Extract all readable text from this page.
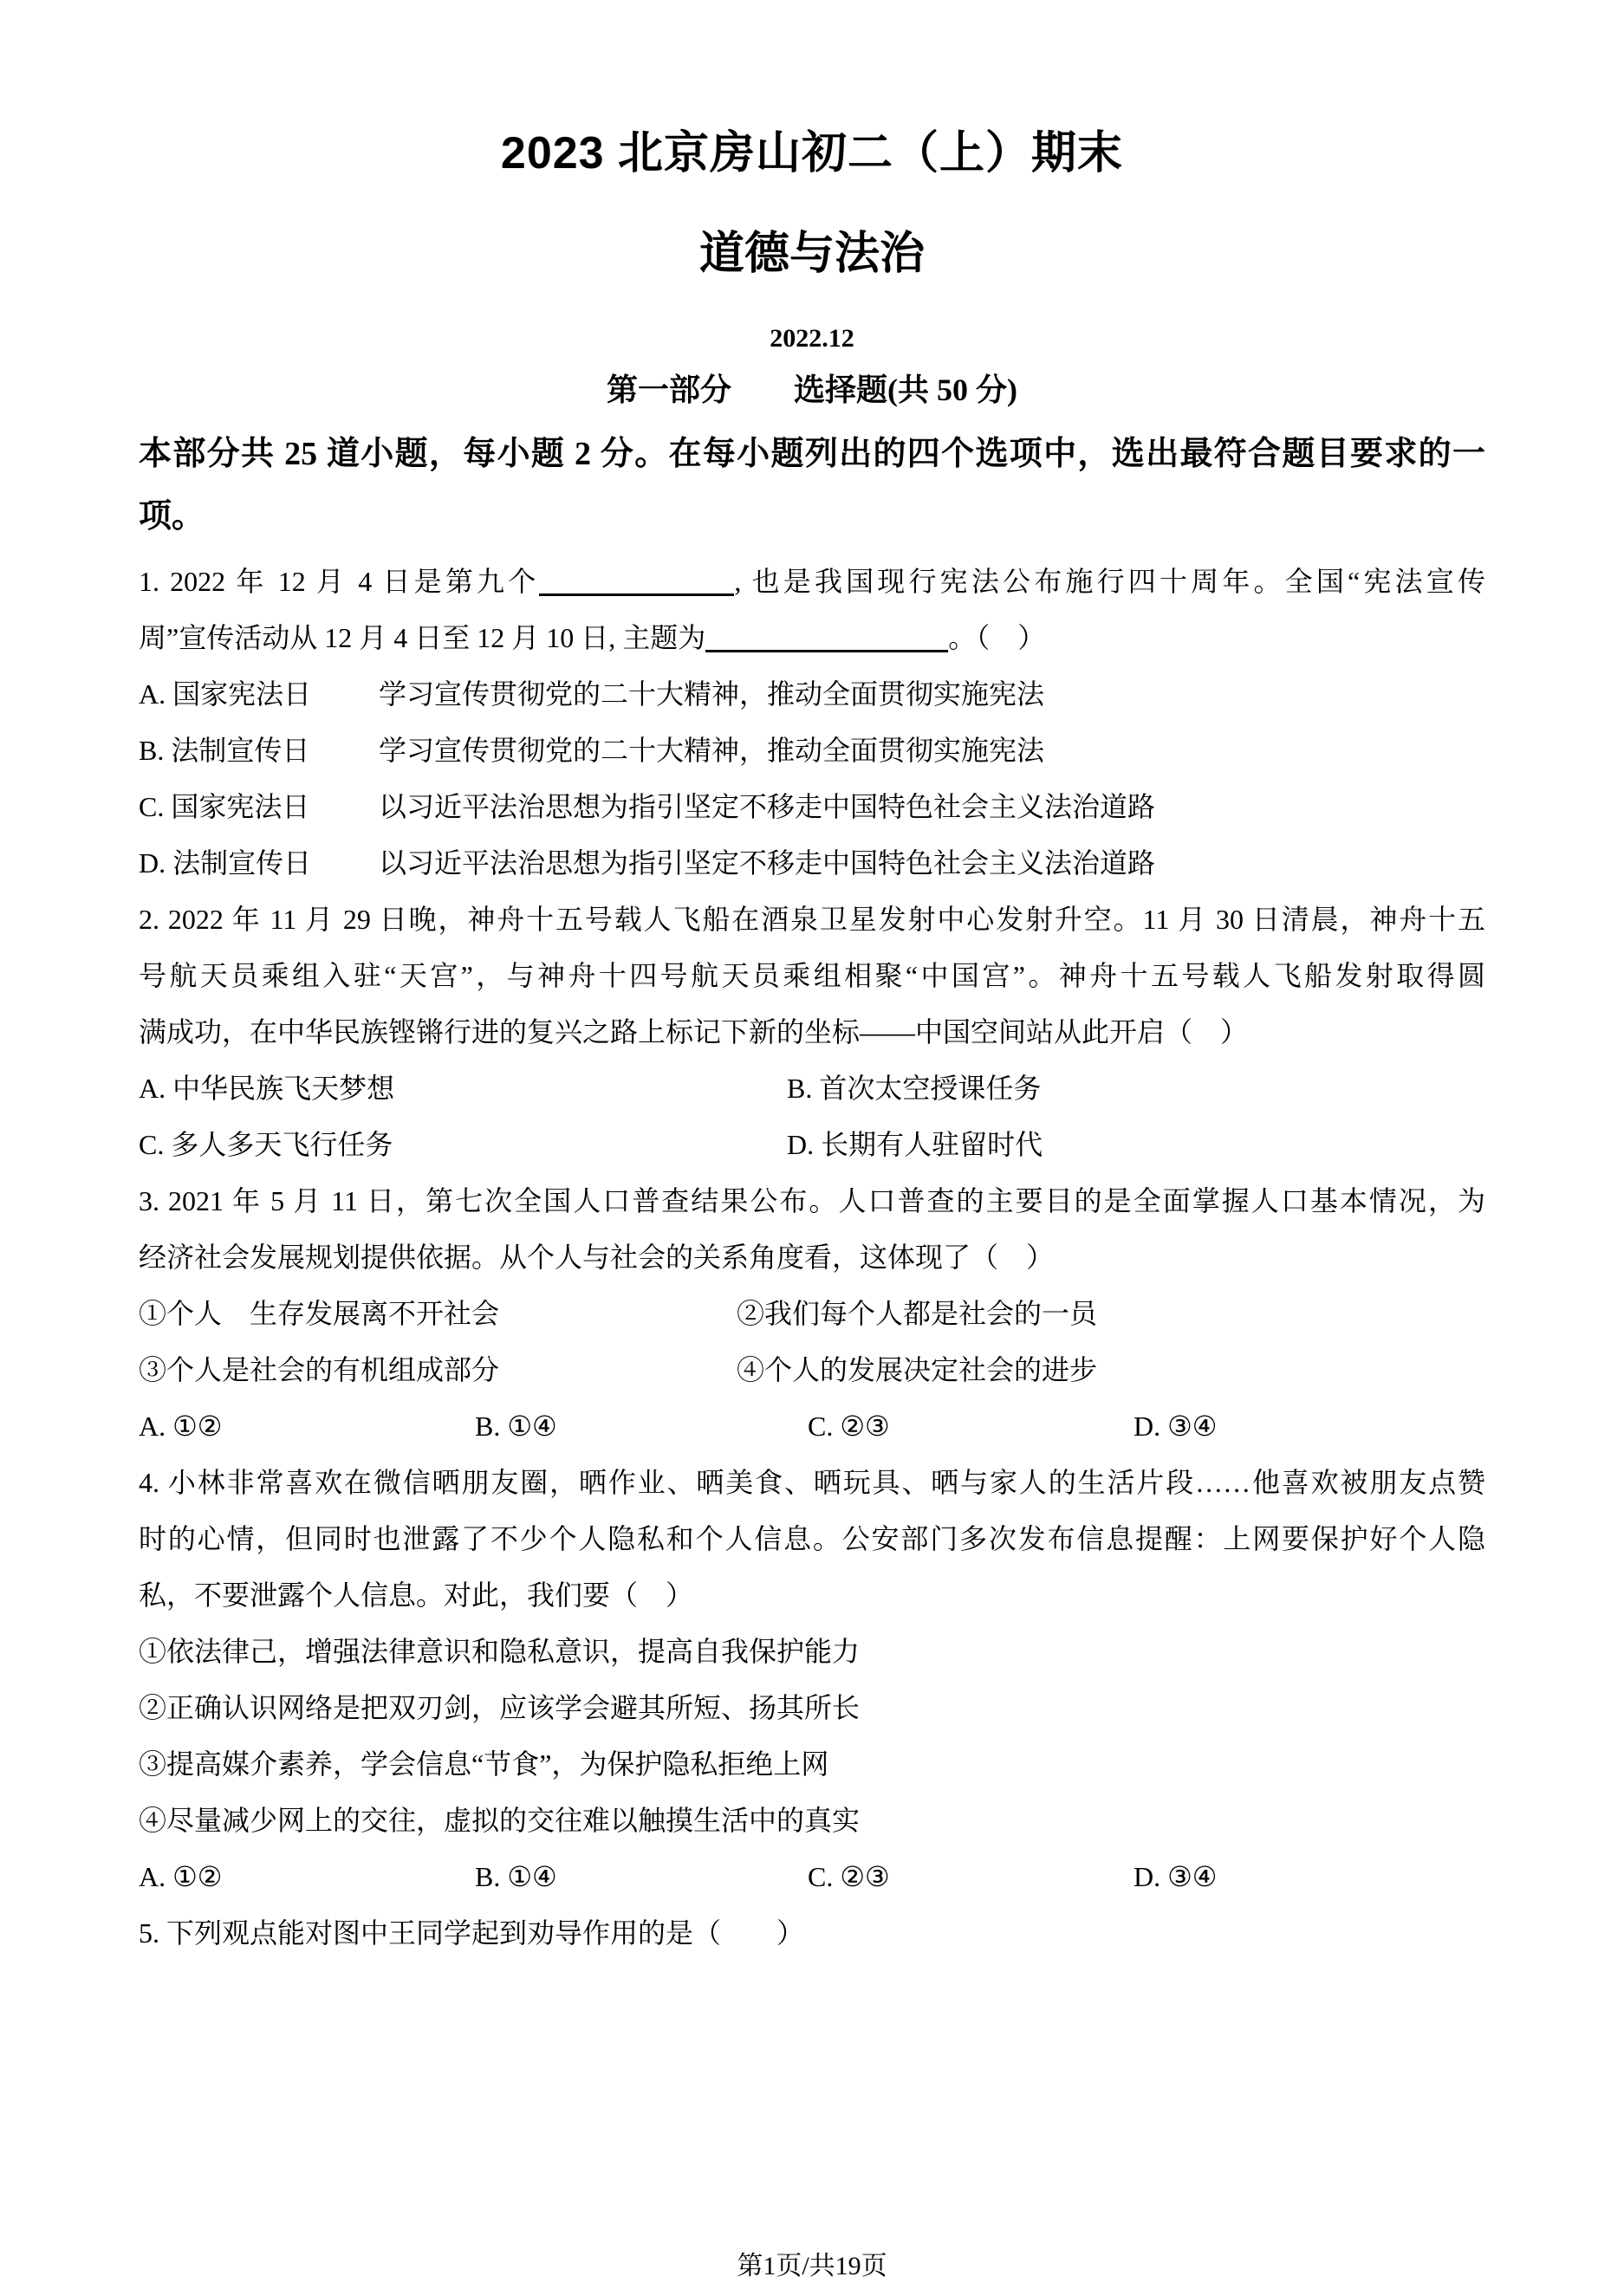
2023 北京房山初二（上）期末
道德与法治
2022.12
第一部分　　选择题(共 50 分)

本部分共 25 道小题，每小题 2 分。在每小题列出的四个选项中，选出最符合题目要求的一

项。

1. 2022 年 12 月 4 日是第九个	, 也是我国现行宪法公布施行四十周年。全国“宪法宣传

周”宣传活动从 12 月 4 日至 12 月 10 日, 主题为	。（　）

A. 国家宪法日	学习宣传贯彻党的二十大精神，推动全面贯彻实施宪法
B. 法制宣传日	学习宣传贯彻党的二十大精神，推动全面贯彻实施宪法
C. 国家宪法日	以习近平法治思想为指引坚定不移走中国特色社会主义法治道路
D. 法制宣传日	以习近平法治思想为指引坚定不移走中国特色社会主义法治道路

2. 2022 年 11 月 29 日晚，神舟十五号载人飞船在酒泉卫星发射中心发射升空。11 月 30 日清晨，神舟十五

号航天员乘组入驻“天宫”，与神舟十四号航天员乘组相聚“中国宫”。神舟十五号载人飞船发射取得圆

满成功，在中华民族铿锵行进的复兴之路上标记下新的坐标——中国空间站从此开启（　）

A. 中华民族飞天梦想	B. 首次太空授课任务
C. 多人多天飞行任务	D. 长期有人驻留时代

3. 2021 年 5 月 11 日，第七次全国人口普查结果公布。人口普查的主要目的是全面掌握人口基本情况，为

经济社会发展规划提供依据。从个人与社会的关系角度看，这体现了（　）

①个人　生存发展离不开社会	②我们每个人都是社会的一员
③个人是社会的有机组成部分	④个人的发展决定社会的进步
A. ①②	B. ①④	C. ②③	D. ③④

4. 小林非常喜欢在微信晒朋友圈，晒作业、晒美食、晒玩具、晒与家人的生活片段……他喜欢被朋友点赞

时的心情，但同时也泄露了不少个人隐私和个人信息。公安部门多次发布信息提醒：上网要保护好个人隐

私，不要泄露个人信息。对此，我们要（　）

①依法律己，增强法律意识和隐私意识，提高自我保护能力

②正确认识网络是把双刃剑，应该学会避其所短、扬其所长

③提高媒介素养，学会信息“节食”，为保护隐私拒绝上网

④尽量减少网上的交往，虚拟的交往难以触摸生活中的真实

A. ①②	B. ①④	C. ②③	D. ③④

5. 下列观点能对图中王同学起到劝导作用的是（　　）

第1页/共19页
